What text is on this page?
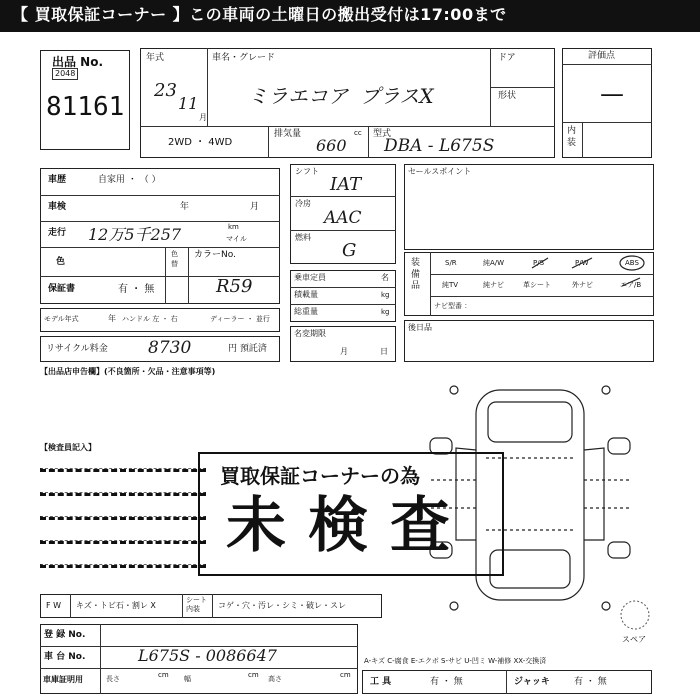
【 買取保証コーナー 】この車両の土曜日の搬出受付は17:00まで
出品 No.
2048
81161
年式
23
11
月
車名・グレード
ミラエコア プラスX
ドア
形状
2WD ・ 4WD
排気量
660
cc 型式
DBA - L675S
評価点
—
内
装
車歴	自家用 ・ （ ）
車検	年	月
走行 12万5千257	km
マイル
色
色
替
カラーNo.
R59
保証書	有 ・ 無
シフト
IAT
冷房
AAC
燃料
G
乗車定員	名
積載量	kg
総重量	kg
名変期限
月	日
モデル年式	年 ハンドル 左 ・ 右	ディーラー ・ 並行
リサイクル料金 8730	円 預託済
セールスポイント
装
備
品
S/R	純A/W	P/S	P/W	ABS
純TV	純ナビ	革シート	外ナビ	エア/B
ナビ型番 ：
後日品
【出品店申告欄】(不良箇所・欠品・注意事項等)
【検査員記入】
買取保証コーナーの為
未検査
F W キズ・トビ石・割レ X
シート
内装	コゲ・穴・汚レ・シミ・破レ・スレ
登 録 No.
車 台 No.	L675S - 0086647
車庫証明用	長さ	cm 幅	cm 高さ	cm
スペア
A-キズ C-腐食 E-エクボ S-サビ U-凹ミ W-補修 XX-交換済
工 具	有 ・ 無	ジャッキ	有 ・ 無
